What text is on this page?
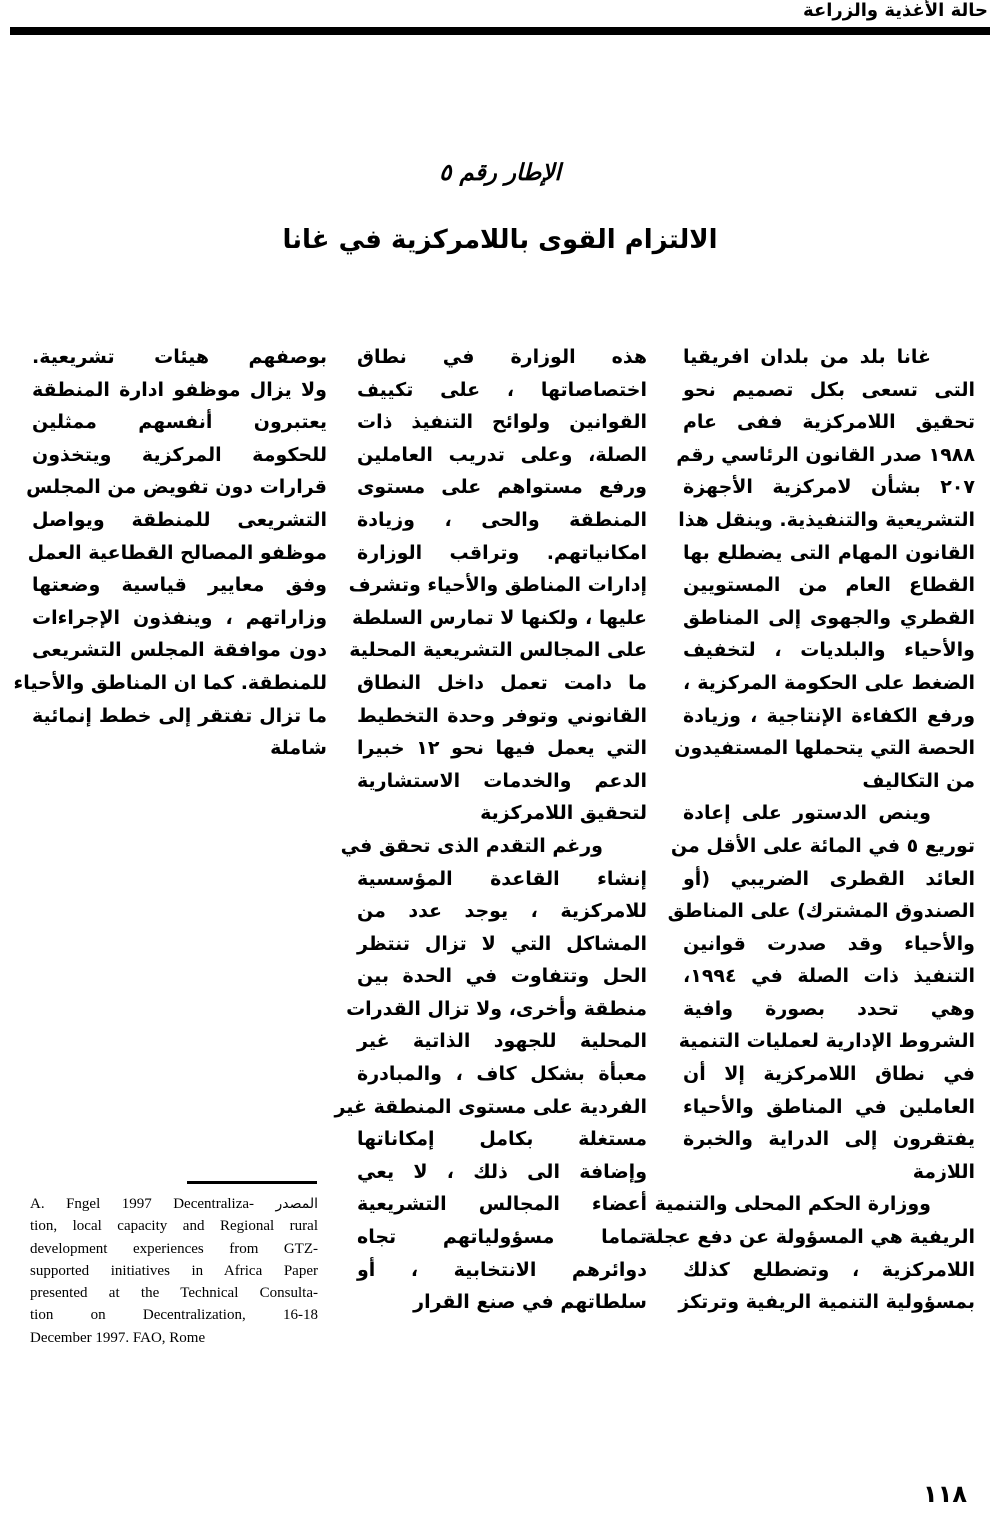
حالة الأغذية والزراعة
الإطار رقم ٥
الالتزام القوى باللامركزية في غانا

غانا بلد من بلدان افريقيا
التى تسعى بكل تصميم نحو
تحقيق اللامركزية ففى عام
١٩٨٨ صدر القانون الرئاسي رقم
٢٠٧ بشأن لامركزية الأجهزة
التشريعية والتنفيذية. وينقل هذا
القانون المهام التى يضطلع بها
القطاع العام من المستويين
القطري والجهوى إلى المناطق
والأحياء والبلديات ، لتخفيف
الضغط على الحكومة المركزية ،
ورفع الكفاءة الإنتاجية ، وزيادة
الحصة التي يتحملها المستفيدون
من التكاليف

وينص الدستور على إعادة
توريع ٥ في المائة على الأقل من
العائد القطرى الضريبي (أو
الصندوق المشترك) على المناطق
والأحياء وقد صدرت قوانين
التنفيذ ذات الصلة في ١٩٩٤،
وهي تحدد بصورة وافية
الشروط الإدارية لعمليات التنمية
في نطاق اللامركزية إلا أن
العاملين في المناطق والأحياء
يفتقرون إلى الدراية والخبرة
اللازمة

ووزارة الحكم المحلى والتنمية
الريفية هي المسؤولة عن دفع عجلة
اللامركزية ، وتضطلع كذلك
بمسؤولية التنمية الريفية وترتكز

هذه الوزارة في نطاق
اختصاصاتها ، على تكييف
القوانين ولوائح التنفيذ ذات
الصلة، وعلى تدريب العاملين
ورفع مستواهم على مستوى
المنطقة والحى ، وزيادة
امكانياتهم. وتراقب الوزارة
إدارات المناطق والأحياء وتشرف
عليها ، ولكنها لا تمارس السلطة
على المجالس التشريعية المحلية
ما دامت تعمل داخل النطاق
القانوني وتوفر وحدة التخطيط
التي يعمل فيها نحو ١٢ خبيرا
الدعم والخدمات الاستشارية
لتحقيق اللامركزية

ورغم التقدم الذى تحقق في
إنشاء القاعدة المؤسسية
للامركزية ، يوجد عدد من
المشاكل التي لا تزال تنتظر
الحل وتتفاوت في الحدة بين
منطقة وأخرى، ولا تزال القدرات
المحلية للجهود الذاتية غير
معبأة بشكل كاف ، والمبادرة
الفردية على مستوى المنطقة غير
مستغلة بكامل إمكاناتها
وإضافة الى ذلك ، لا يعي
أعضاء المجالس التشريعية
تماما مسؤولياتهم تجاه
دوائرهم الانتخابية ، أو
سلطاتهم في صنع القرار

بوصفهم هيئات تشريعية.
ولا يزال موظفو ادارة المنطقة
يعتبرون أنفسهم ممثلين
للحكومة المركزية ويتخذون
قرارات دون تفويض من المجلس
التشريعى للمنطقة ويواصل
موظفو المصالح القطاعية العمل
وفق معايير قياسية وضعتها
وزاراتهم ، وينفذون الإجراءات
دون موافقة المجلس التشريعى
للمنطقة. كما ان المناطق والأحياء
ما تزال تفتقر إلى خطط إنمائية
شاملة

A. Fngel 1997 Decentraliza- المصدر
tion, local capacity and Regional rural
development experiences from GTZ-
supported initiatives in Africa Paper
presented at the Technical Consulta-
tion on Decentralization, 16-18
December 1997. FAO, Rome
١١٨
